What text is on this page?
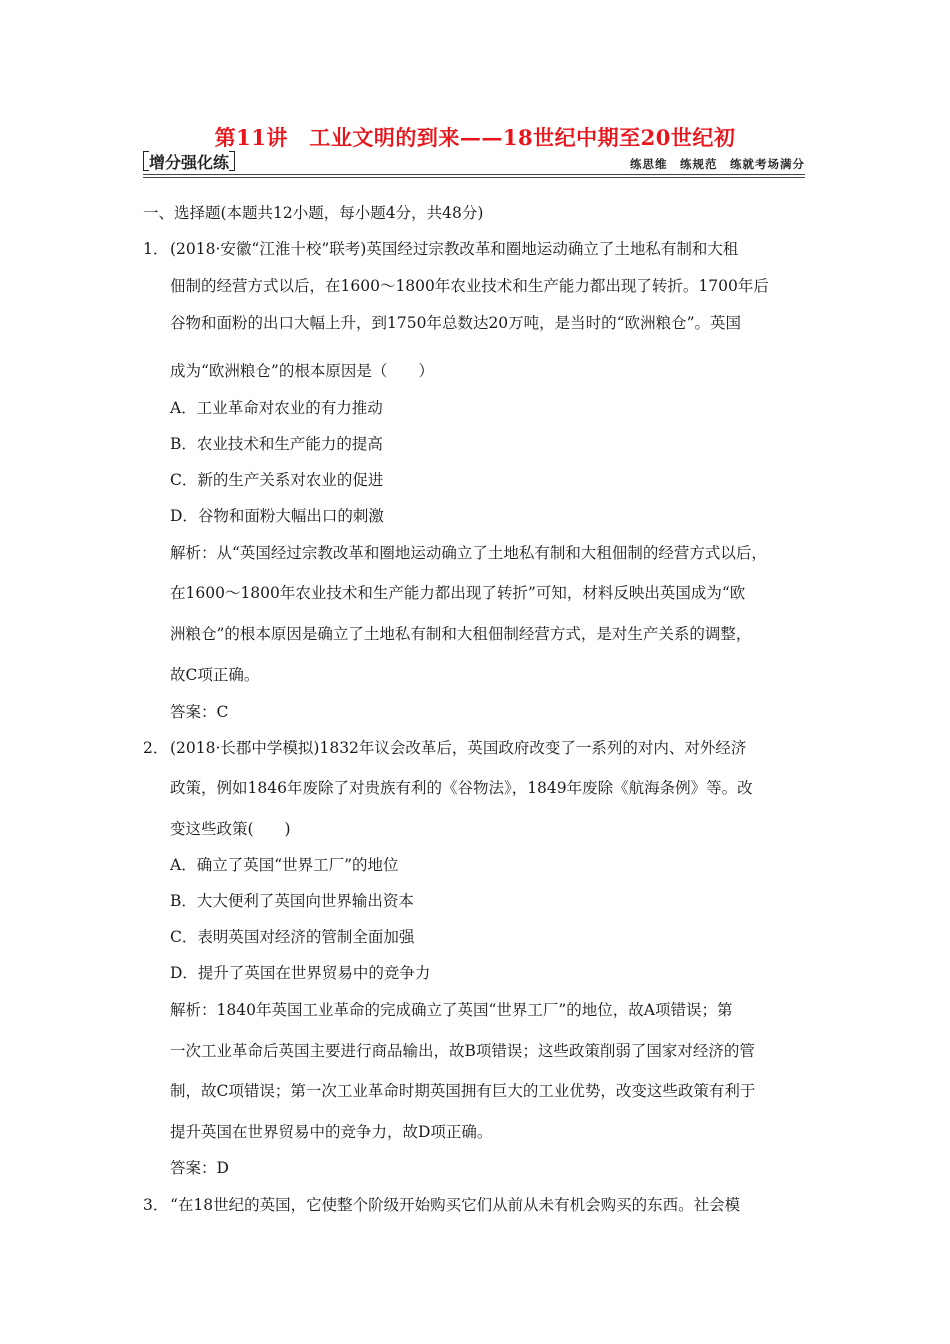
第11讲　工业文明的到来——18世纪中期至20世纪初
增分强化练	练思维　练规范　练就考场满分
一、选择题(本题共12小题，每小题4分，共48分)
1． (2018·安徽“江淮十校”联考)英国经过宗教改革和圈地运动确立了土地私有制和大租
佃制的经营方式以后，在1600～1800年农业技术和生产能力都出现了转折。1700年后
谷物和面粉的出口大幅上升，到1750年总数达20万吨，是当时的“欧洲粮仓”。英国
成为“欧洲粮仓”的根本原因是（　　）
A．工业革命对农业的有力推动
B．农业技术和生产能力的提高
C．新的生产关系对农业的促进
D．谷物和面粉大幅出口的刺激
解析：从“英国经过宗教改革和圈地运动确立了土地私有制和大租佃制的经营方式以后，
在1600～1800年农业技术和生产能力都出现了转折”可知，材料反映出英国成为“欧
洲粮仓”的根本原因是确立了土地私有制和大租佃制经营方式，是对生产关系的调整，
故C项正确。
答案：C
2． (2018·长郡中学模拟)1832年议会改革后，英国政府改变了一系列的对内、对外经济
政策，例如1846年废除了对贵族有利的《谷物法》，1849年废除《航海条例》等。改
变这些政策(　　)
A．确立了英国“世界工厂”的地位
B．大大便利了英国向世界输出资本
C．表明英国对经济的管制全面加强
D．提升了英国在世界贸易中的竞争力
解析：1840年英国工业革命的完成确立了英国“世界工厂”的地位，故A项错误；第
一次工业革命后英国主要进行商品输出，故B项错误；这些政策削弱了国家对经济的管
制，故C项错误；第一次工业革命时期英国拥有巨大的工业优势，改变这些政策有利于
提升英国在世界贸易中的竞争力，故D项正确。
答案：D
3． “在18世纪的英国，它使整个阶级开始购买它们从前从未有机会购买的东西。社会模
